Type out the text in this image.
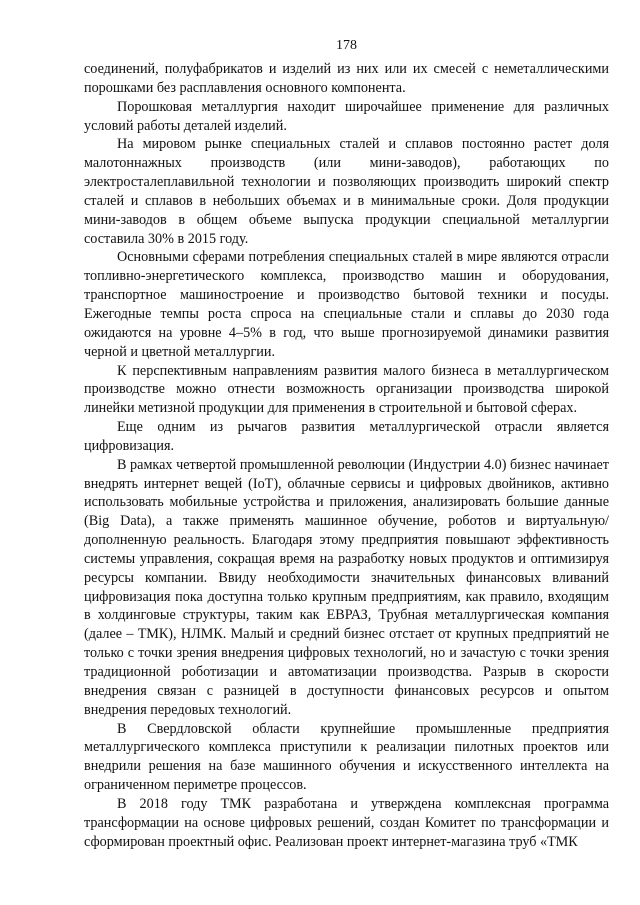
178

соединений, полуфабрикатов и изделий из них или их смесей с неметаллическими порошками без расплавления основного компонента.

Порошковая металлургия находит широчайшее применение для различных условий работы деталей изделий.

На мировом рынке специальных сталей и сплавов постоянно растет доля малотоннажных производств (или мини-заводов), работающих по электросталеплавильной технологии и позволяющих производить широкий спектр сталей и сплавов в небольших объемах и в минимальные сроки. Доля продукции мини-заводов в общем объеме выпуска продукции специальной металлургии составила 30% в 2015 году.

Основными сферами потребления специальных сталей в мире являются отрасли топливно-энергетического комплекса, производство машин и оборудования, транспортное машиностроение и производство бытовой техники и посуды. Ежегодные темпы роста спроса на специальные стали и сплавы до 2030 года ожидаются на уровне 4–5% в год, что выше прогнозируемой динамики развития черной и цветной металлургии.

К перспективным направлениям развития малого бизнеса в металлургическом производстве можно отнести возможность организации производства широкой линейки метизной продукции для применения в строительной и бытовой сферах.

Еще одним из рычагов развития металлургической отрасли является цифровизация.

В рамках четвертой промышленной революции (Индустрии 4.0) бизнес начинает внедрять интернет вещей (IoT), облачные сервисы и цифровых двойников, активно использовать мобильные устройства и приложения, анализировать большие данные (Big Data), а также применять машинное обучение, роботов и виртуальную/дополненную реальность. Благодаря этому предприятия повышают эффективность системы управления, сокращая время на разработку новых продуктов и оптимизируя ресурсы компании. Ввиду необходимости значительных финансовых вливаний цифровизация пока доступна только крупным предприятиям, как правило, входящим в холдинговые структуры, таким как ЕВРАЗ, Трубная металлургическая компания (далее – ТМК), НЛМК. Малый и средний бизнес отстает от крупных предприятий не только с точки зрения внедрения цифровых технологий, но и зачастую с точки зрения традиционной роботизации и автоматизации производства. Разрыв в скорости внедрения связан с разницей в доступности финансовых ресурсов и опытом внедрения передовых технологий.

В Свердловской области крупнейшие промышленные предприятия металлургического комплекса приступили к реализации пилотных проектов или внедрили решения на базе машинного обучения и искусственного интеллекта на ограниченном периметре процессов.

В 2018 году ТМК разработана и утверждена комплексная программа трансформации на основе цифровых решений, создан Комитет по трансформации и сформирован проектный офис. Реализован проект интернет-магазина труб «ТМК
